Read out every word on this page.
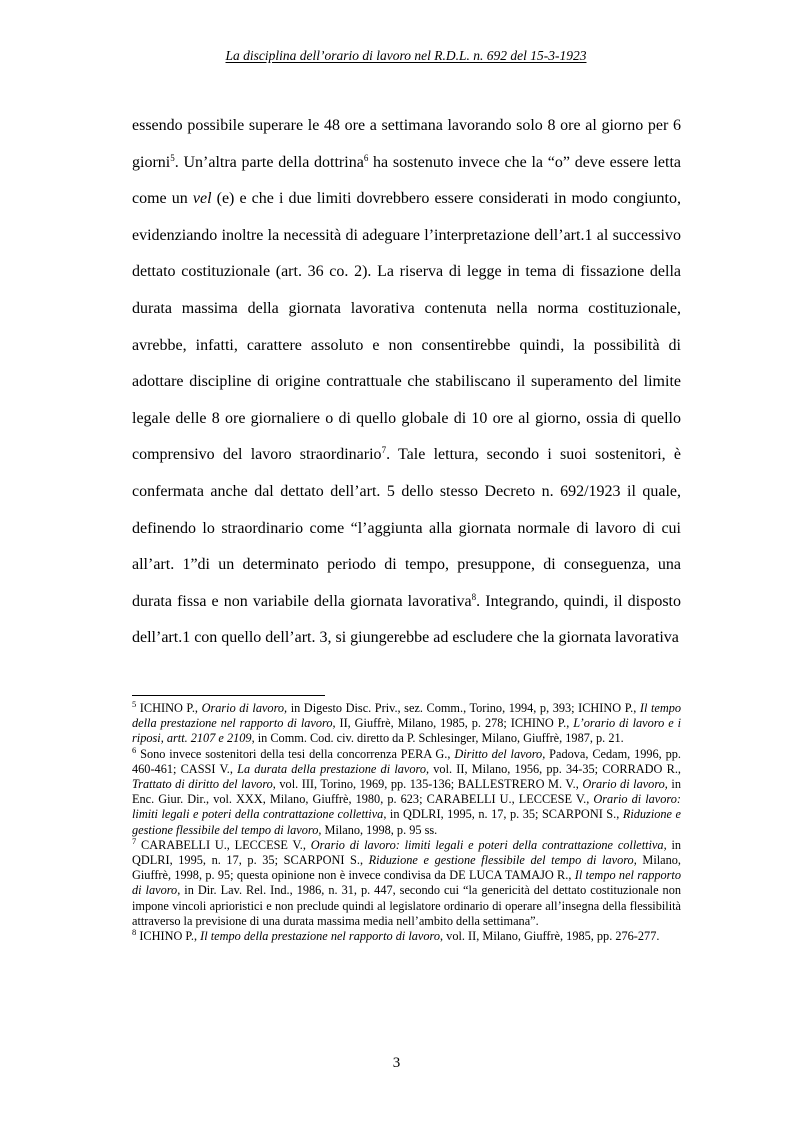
La disciplina dell’orario di lavoro nel R.D.L. n. 692 del 15-3-1923

essendo possibile superare le 48 ore a settimana lavorando solo 8 ore al giorno per 6 giorni$^5$. Un’altra parte della dottrina$^6$ ha sostenuto invece che la “o” deve essere letta come un vel (e) e che i due limiti dovrebbero essere considerati in modo congiunto, evidenziando inoltre la necessità di adeguare l’interpretazione dell’art.1 al successivo dettato costituzionale (art. 36 co. 2). La riserva di legge in tema di fissazione della durata massima della giornata lavorativa contenuta nella norma costituzionale, avrebbe, infatti, carattere assoluto e non consentirebbe quindi, la possibilità di adottare discipline di origine contrattuale che stabiliscano il superamento del limite legale delle 8 ore giornaliere o di quello globale di 10 ore al giorno, ossia di quello comprensivo del lavoro straordinario$^7$. Tale lettura, secondo i suoi sostenitori, è confermata anche dal dettato dell’art. 5 dello stesso Decreto n. 692/1923 il quale, definendo lo straordinario come “l’aggiunta alla giornata normale di lavoro di cui all’art. 1”di un determinato periodo di tempo, presuppone, di conseguenza, una durata fissa e non variabile della giornata lavorativa$^8$. Integrando, quindi, il disposto dell’art.1 con quello dell’art. 3, si giungerebbe ad escludere che la giornata lavorativa

$^5$ ICHINO P., Orario di lavoro, in Digesto Disc. Priv., sez. Comm., Torino, 1994, p, 393; ICHINO P., Il tempo della prestazione nel rapporto di lavoro, II, Giuffrè, Milano, 1985, p. 278; ICHINO P., L’orario di lavoro e i riposi, artt. 2107 e 2109, in Comm. Cod. civ. diretto da P. Schlesinger, Milano, Giuffrè, 1987, p. 21.

$^6$ Sono invece sostenitori della tesi della concorrenza PERA G., Diritto del lavoro, Padova, Cedam, 1996, pp. 460-461; CASSI V., La durata della prestazione di lavoro, vol. II, Milano, 1956, pp. 34-35; CORRADO R., Trattato di diritto del lavoro, vol. III, Torino, 1969, pp. 135-136; BALLESTRERO M. V., Orario di lavoro, in Enc. Giur. Dir., vol. XXX, Milano, Giuffrè, 1980, p. 623; CARABELLI U., LECCESE V., Orario di lavoro: limiti legali e poteri della contrattazione collettiva, in QDLRI, 1995, n. 17, p. 35; SCARPONI S., Riduzione e gestione flessibile del tempo di lavoro, Milano, 1998, p. 95 ss.

$^7$ CARABELLI U., LECCESE V., Orario di lavoro: limiti legali e poteri della contrattazione collettiva, in QDLRI, 1995, n. 17, p. 35; SCARPONI S., Riduzione e gestione flessibile del tempo di lavoro, Milano, Giuffrè, 1998, p. 95; questa opinione non è invece condivisa da DE LUCA TAMAJO R., Il tempo nel rapporto di lavoro, in Dir. Lav. Rel. Ind., 1986, n. 31, p. 447, secondo cui “la genericità del dettato costituzionale non impone vincoli aprioristici e non preclude quindi al legislatore ordinario di operare all’insegna della flessibilità attraverso la previsione di una durata massima media nell’ambito della settimana”.

$^8$ ICHINO P., Il tempo della prestazione nel rapporto di lavoro, vol. II, Milano, Giuffrè, 1985, pp. 276-277.

3
